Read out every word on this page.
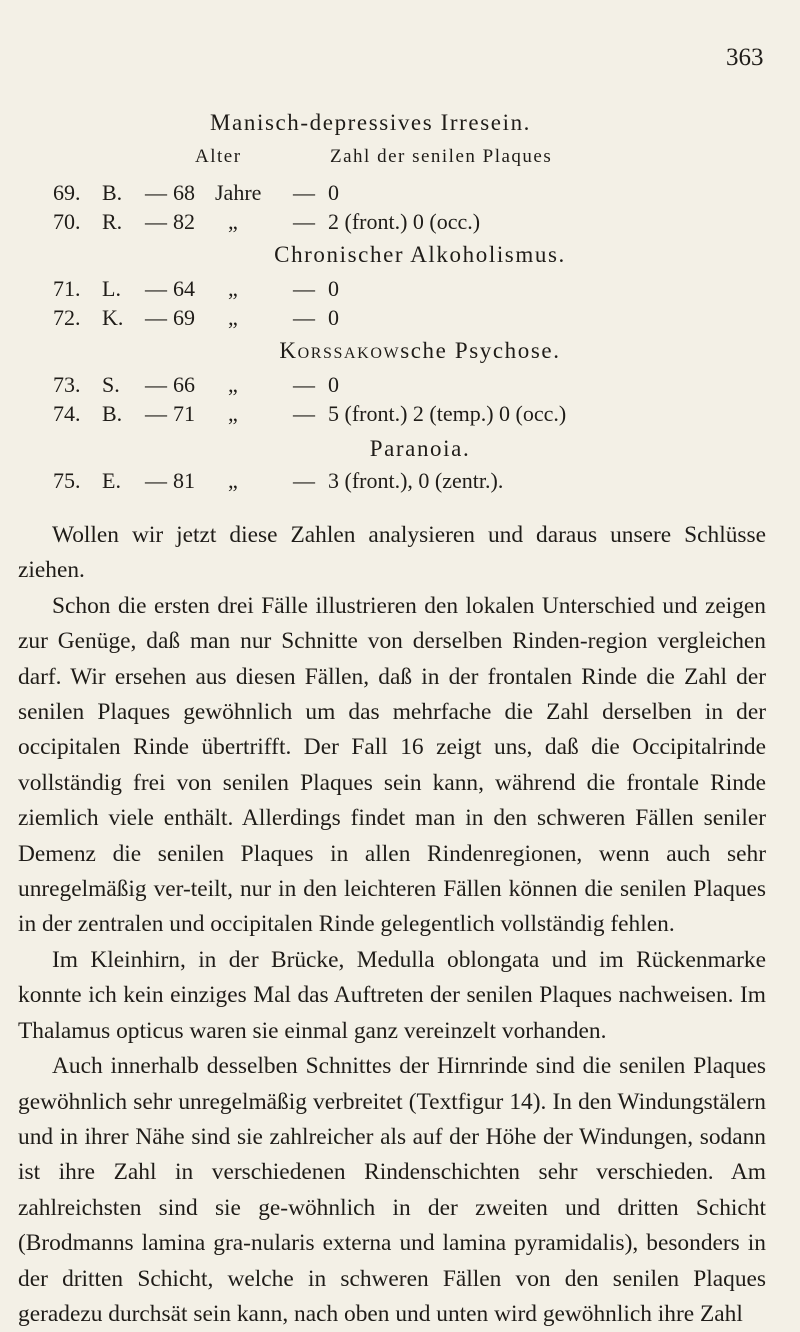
363
Manisch-depressives Irresein.
Alter	Zahl der senilen Plaques
69. B. — 68 Jahre — 0
70. R. — 82 „	— 2 (front.) 0 (occ.)
Chronischer Alkoholismus.
71. L. — 64 „	— 0
72. K. — 69 „	— 0
Korssakowsche Psychose.
73. S. — 66 „	— 0
74. B. — 71 „	— 5 (front.) 2 (temp.) 0 (occ.)
Paranoia.
75. E. — 81 „	— 3 (front.), 0 (zentr.).

Wollen wir jetzt diese Zahlen analysieren und daraus unsere Schlüsse ziehen.

Schon die ersten drei Fälle illustrieren den lokalen Unterschied und zeigen zur Genüge, daß man nur Schnitte von derselben Rinden-region vergleichen darf. Wir ersehen aus diesen Fällen, daß in der frontalen Rinde die Zahl der senilen Plaques gewöhnlich um das mehrfache die Zahl derselben in der occipitalen Rinde übertrifft. Der Fall 16 zeigt uns, daß die Occipitalrinde vollständig frei von senilen Plaques sein kann, während die frontale Rinde ziemlich viele enthält. Allerdings findet man in den schweren Fällen seniler Demenz die senilen Plaques in allen Rindenregionen, wenn auch sehr unregelmäßig ver-teilt, nur in den leichteren Fällen können die senilen Plaques in der zentralen und occipitalen Rinde gelegentlich vollständig fehlen.

Im Kleinhirn, in der Brücke, Medulla oblongata und im Rückenmarke konnte ich kein einziges Mal das Auftreten der senilen Plaques nachweisen. Im Thalamus opticus waren sie einmal ganz vereinzelt vorhanden.

Auch innerhalb desselben Schnittes der Hirnrinde sind die senilen Plaques gewöhnlich sehr unregelmäßig verbreitet (Textfigur 14). In den Windungstälern und in ihrer Nähe sind sie zahlreicher als auf der Höhe der Windungen, sodann ist ihre Zahl in verschiedenen Rindenschichten sehr verschieden. Am zahlreichsten sind sie ge-wöhnlich in der zweiten und dritten Schicht (Brodmanns lamina gra-nularis externa und lamina pyramidalis), besonders in der dritten Schicht, welche in schweren Fällen von den senilen Plaques geradezu durchsät sein kann, nach oben und unten wird gewöhnlich ihre Zahl
